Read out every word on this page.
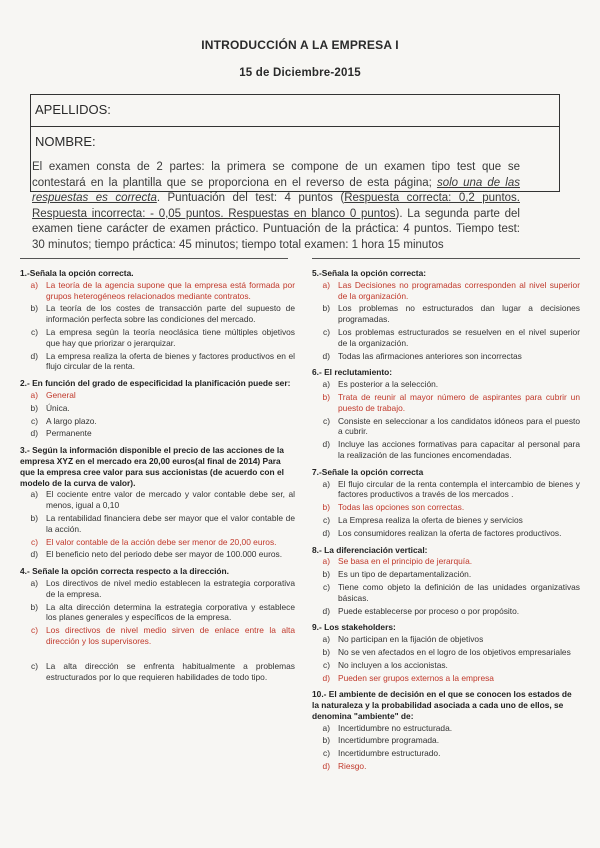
INTRODUCCIÓN A LA EMPRESA I
15 de Diciembre-2015
APELLIDOS:
NOMBRE:
El examen consta de 2 partes: la primera se compone de un examen tipo test que se contestará en la plantilla que se proporciona en el reverso de esta página; solo una de las respuestas es correcta. Puntuación del test: 4 puntos (Respuesta correcta: 0,2 puntos. Respuesta incorrecta: - 0,05 puntos. Respuestas en blanco 0 puntos). La segunda parte del examen tiene carácter de examen práctico. Puntuación de la práctica: 4 puntos. Tiempo test: 30 minutos; tiempo práctica: 45 minutos; tiempo total examen: 1 hora 15 minutos
1.-Señala la opción correcta.
a) La teoría de la agencia supone que la empresa está formada por grupos heterogéneos relacionados mediante contratos.
b) La teoría de los costes de transacción parte del supuesto de información perfecta sobre las condiciones del mercado.
c) La empresa según la teoría neoclásica tiene múltiples objetivos que hay que priorizar o jerarquizar.
d) La empresa realiza la oferta de bienes y factores productivos en el flujo circular de la renta.
2.- En función del grado de especificidad la planificación puede ser:
a) General
b) Única.
c) A largo plazo.
d) Permanente
3.- Según la información disponible el precio de las acciones de la empresa XYZ en el mercado era 20,00 euros(al final de 2014) Para que la empresa cree valor para sus accionistas (de acuerdo con el modelo de la curva de valor).
a) El cociente entre valor de mercado y valor contable debe ser, al menos, igual a 0,10
b) La rentabilidad financiera debe ser mayor que el valor contable de la acción.
c) El valor contable de la acción debe ser menor de 20,00 euros.
d) El beneficio neto del periodo debe ser mayor de 100.000 euros.
4.- Señale la opción correcta respecto a la dirección.
a) Los directivos de nivel medio establecen la estrategia corporativa de la empresa.
b) La alta dirección determina la estrategia corporativa y establece los planes generales y específicos de la empresa.
c) Los directivos de nivel medio sirven de enlace entre la alta dirección y los supervisores.
c) La alta dirección se enfrenta habitualmente a problemas estructurados por lo que requieren habilidades de todo tipo.
5.-Señala la opción correcta:
a) Las Decisiones no programadas corresponden al nivel superior de la organización.
b) Los problemas no estructurados dan lugar a decisiones programadas.
c) Los problemas estructurados se resuelven en el nivel superior de la organización.
d) Todas las afirmaciones anteriores son incorrectas
6.- El reclutamiento:
a) Es posterior a la selección.
b) Trata de reunir al mayor número de aspirantes para cubrir un puesto de trabajo.
c) Consiste en seleccionar a los candidatos idóneos para el puesto a cubrir.
d) Incluye las acciones formativas para capacitar al personal para la realización de las funciones encomendadas.
7.-Señale la opción correcta
a) El flujo circular de la renta contempla el intercambio de bienes y factores productivos a través de los mercados .
b) Todas las opciones son correctas.
c) La Empresa realiza la oferta de bienes y servicios
d) Los consumidores realizan la oferta de factores productivos.
8.- La diferenciación vertical:
a) Se basa en el principio de jerarquía.
b) Es un tipo de departamentalización.
c) Tiene como objeto la definición de las unidades organizativas básicas.
d) Puede establecerse por proceso o por propósito.
9.- Los stakeholders:
a) No participan en la fijación de objetivos
b) No se ven afectados en el logro de los objetivos empresariales
c) No incluyen a los accionistas.
d) Pueden ser grupos externos a la empresa
10.- El ambiente de decisión en el que se conocen los estados de la naturaleza y la probabilidad asociada a cada uno de ellos, se denomina "ambiente" de:
a) Incertidumbre no estructurada.
b) Incertidumbre programada.
c) Incertidumbre estructurado.
d) Riesgo.
